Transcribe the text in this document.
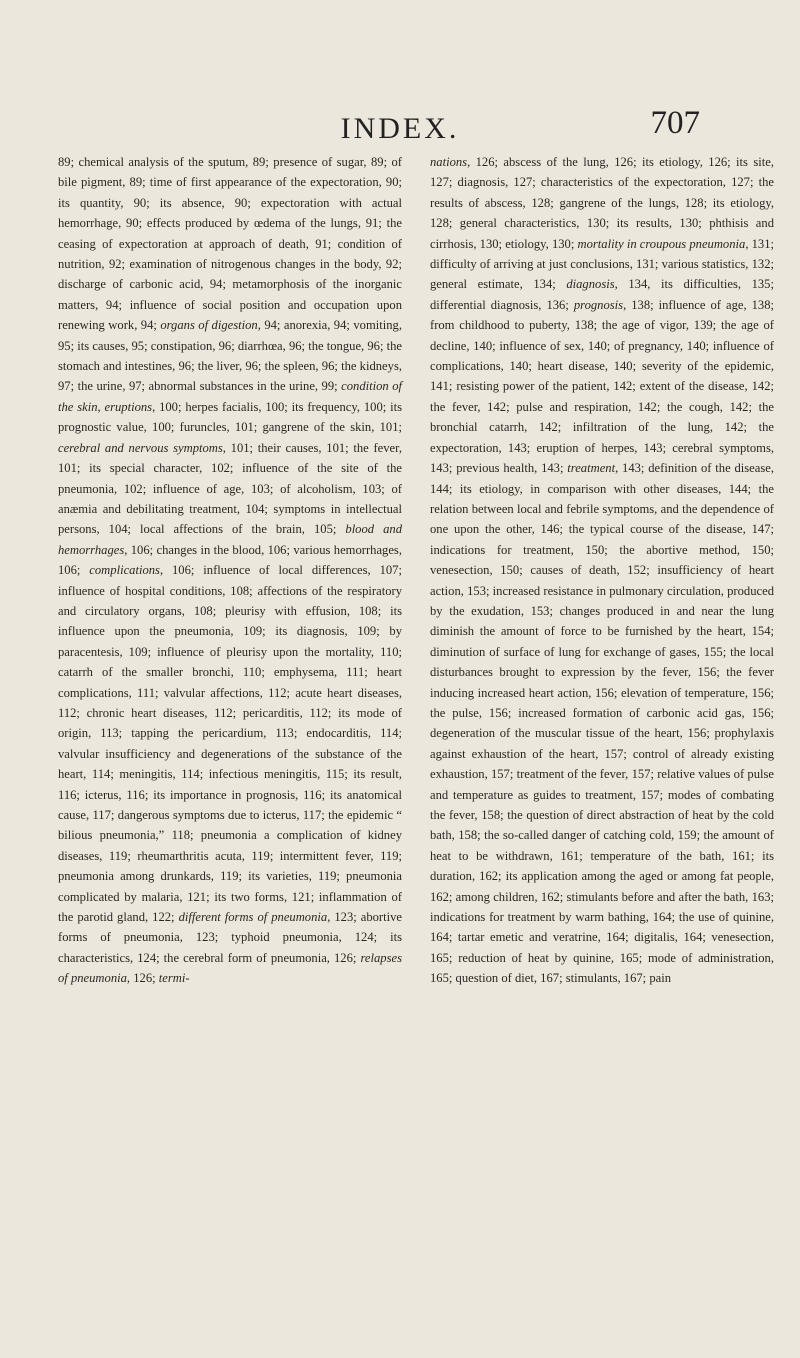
INDEX.	707
89; chemical analysis of the sputum, 89; presence of sugar, 89; of bile pigment, 89; time of first appearance of the expectoration, 90; its quantity, 90; its absence, 90; expectoration with actual hemorrhage, 90; effects produced by œdema of the lungs, 91; the ceasing of expectoration at approach of death, 91; condition of nutrition, 92; examination of nitrogenous changes in the body, 92; discharge of carbonic acid, 94; metamorphosis of the inorganic matters, 94; influence of social position and occupation upon renewing work, 94; organs of digestion, 94; anorexia, 94; vomiting, 95; its causes, 95; constipation, 96; diarrhœa, 96; the tongue, 96; the stomach and intestines, 96; the liver, 96; the spleen, 96; the kidneys, 97; the urine, 97; abnormal substances in the urine, 99; condition of the skin, eruptions, 100; herpes facialis, 100; its frequency, 100; its prognostic value, 100; furuncles, 101; gangrene of the skin, 101; cerebral and nervous symptoms, 101; their causes, 101; the fever, 101; its special character, 102; influence of the site of the pneumonia, 102; influence of age, 103; of alcoholism, 103; of anæmia and debilitating treatment, 104; symptoms in intellectual persons, 104; local affections of the brain, 105; blood and hemorrhages, 106; changes in the blood, 106; various hemorrhages, 106; complications, 106; influence of local differences, 107; influence of hospital conditions, 108; affections of the respiratory and circulatory organs, 108; pleurisy with effusion, 108; its influence upon the pneumonia, 109; its diagnosis, 109; by paracentesis, 109; influence of pleurisy upon the mortality, 110; catarrh of the smaller bronchi, 110; emphysema, 111; heart complications, 111; valvular affections, 112; acute heart diseases, 112; chronic heart diseases, 112; pericarditis, 112; its mode of origin, 113; tapping the pericardium, 113; endocarditis, 114; valvular insufficiency and degenerations of the substance of the heart, 114; meningitis, 114; infectious meningitis, 115; its result, 116; icterus, 116; its importance in prognosis, 116; its anatomical cause, 117; dangerous symptoms due to icterus, 117; the epidemic “ bilious pneumonia,” 118; pneumonia a complication of kidney diseases, 119; rheumarthritis acuta, 119; intermittent fever, 119; pneumonia among drunkards, 119; its varieties, 119; pneumonia complicated by malaria, 121; its two forms, 121; inflammation of the parotid gland, 122; different forms of pneumonia, 123; abortive forms of pneumonia, 123; typhoid pneumonia, 124; its characteristics, 124; the cerebral form of pneumonia, 126; relapses of pneumonia, 126; termi-
nations, 126; abscess of the lung, 126; its etiology, 126; its site, 127; diagnosis, 127; characteristics of the expectoration, 127; the results of abscess, 128; gangrene of the lungs, 128; its etiology, 128; general characteristics, 130; its results, 130; phthisis and cirrhosis, 130; etiology, 130; mortality in croupous pneumonia, 131; difficulty of arriving at just conclusions, 131; various statistics, 132; general estimate, 134; diagnosis, 134, its difficulties, 135; differential diagnosis, 136; prognosis, 138; influence of age, 138; from childhood to puberty, 138; the age of vigor, 139; the age of decline, 140; influence of sex, 140; of pregnancy, 140; influence of complications, 140; heart disease, 140; severity of the epidemic, 141; resisting power of the patient, 142; extent of the disease, 142; the fever, 142; pulse and respiration, 142; the cough, 142; the bronchial catarrh, 142; infiltration of the lung, 142; the expectoration, 143; eruption of herpes, 143; cerebral symptoms, 143; previous health, 143; treatment, 143; definition of the disease, 144; its etiology, in comparison with other diseases, 144; the relation between local and febrile symptoms, and the dependence of one upon the other, 146; the typical course of the disease, 147; indications for treatment, 150; the abortive method, 150; venesection, 150; causes of death, 152; insufficiency of heart action, 153; increased resistance in pulmonary circulation, produced by the exudation, 153; changes produced in and near the lung diminish the amount of force to be furnished by the heart, 154; diminution of surface of lung for exchange of gases, 155; the local disturbances brought to expression by the fever, 156; the fever inducing increased heart action, 156; elevation of temperature, 156; the pulse, 156; increased formation of carbonic acid gas, 156; degeneration of the muscular tissue of the heart, 156; prophylaxis against exhaustion of the heart, 157; control of already existing exhaustion, 157; treatment of the fever, 157; relative values of pulse and temperature as guides to treatment, 157; modes of combating the fever, 158; the question of direct abstraction of heat by the cold bath, 158; the so-called danger of catching cold, 159; the amount of heat to be withdrawn, 161; temperature of the bath, 161; its duration, 162; its application among the aged or among fat people, 162; among children, 162; stimulants before and after the bath, 163; indications for treatment by warm bathing, 164; the use of quinine, 164; tartar emetic and veratrine, 164; digitalis, 164; venesection, 165; reduction of heat by quinine, 165; mode of administration, 165; question of diet, 167; stimulants, 167; pain
